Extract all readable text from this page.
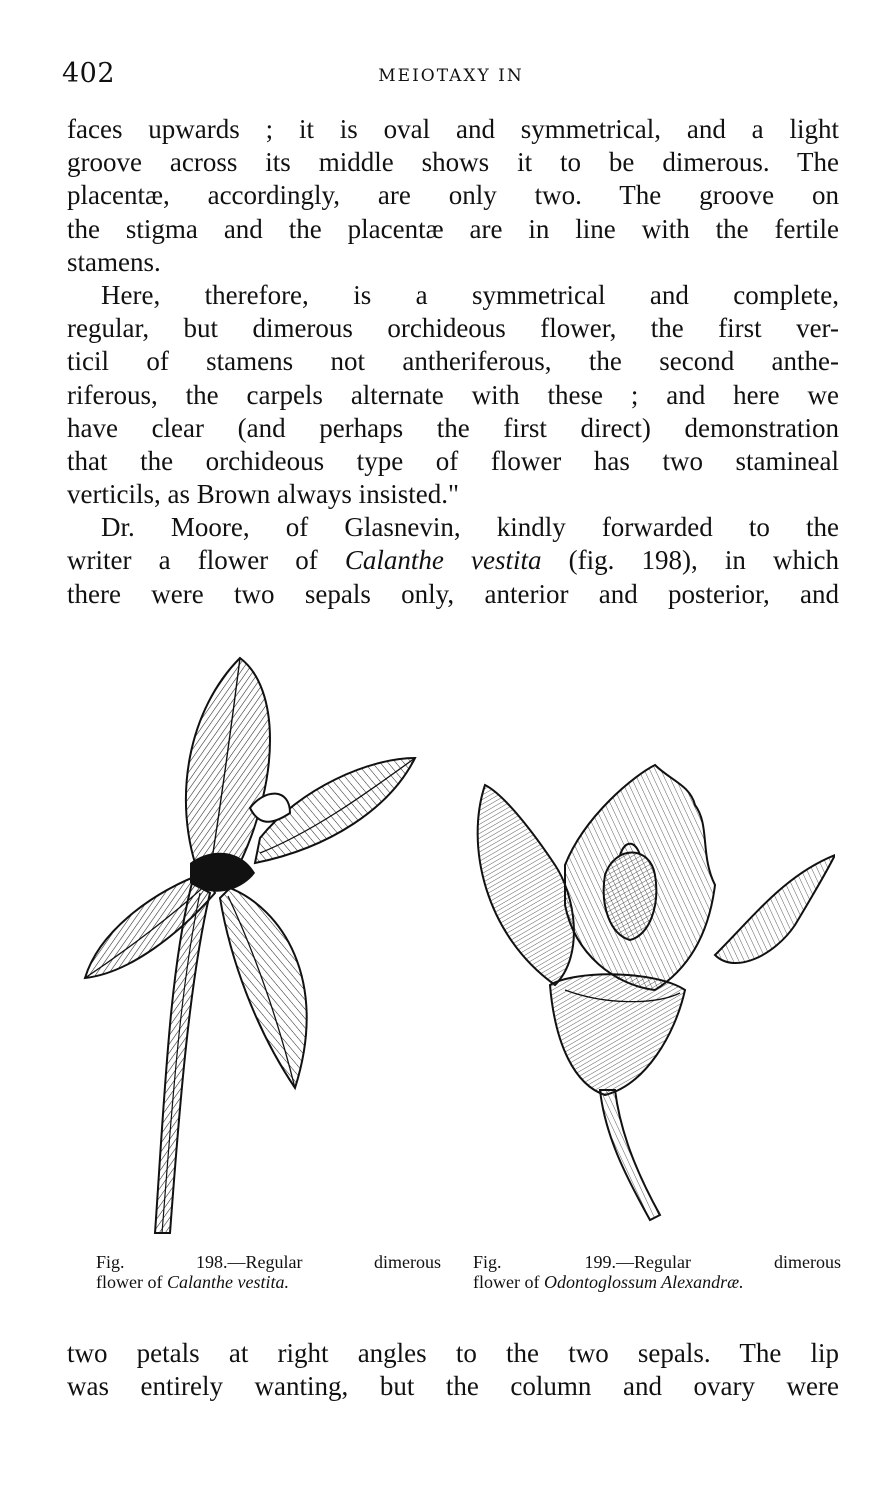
402	MEIOTAXY IN
faces upwards ; it is oval and symmetrical, and a light
groove across its middle shows it to be dimerous. The
placentæ, accordingly, are only two. The groove on
the stigma and the placentæ are in line with the fertile
stamens.
Here, therefore, is a symmetrical and complete,
regular, but dimerous orchideous flower, the first ver-
ticil of stamens not antheriferous, the second anthe-
riferous, the carpels alternate with these ; and here we
have clear (and perhaps the first direct) demonstration
that the orchideous type of flower has two stamineal
verticils, as Brown always insisted."
Dr. Moore, of Glasnevin, kindly forwarded to the
writer a flower of Calanthe vestita (fig. 198), in which
there were two sepals only, anterior and posterior, and
Fig. 198.—Regular dimerous
flower of Calanthe vestita.
Fig. 199.—Regular dimerous
flower of Odontoglossum Alexandræ.
two petals at right angles to the two sepals. The lip
was entirely wanting, but the column and ovary were
